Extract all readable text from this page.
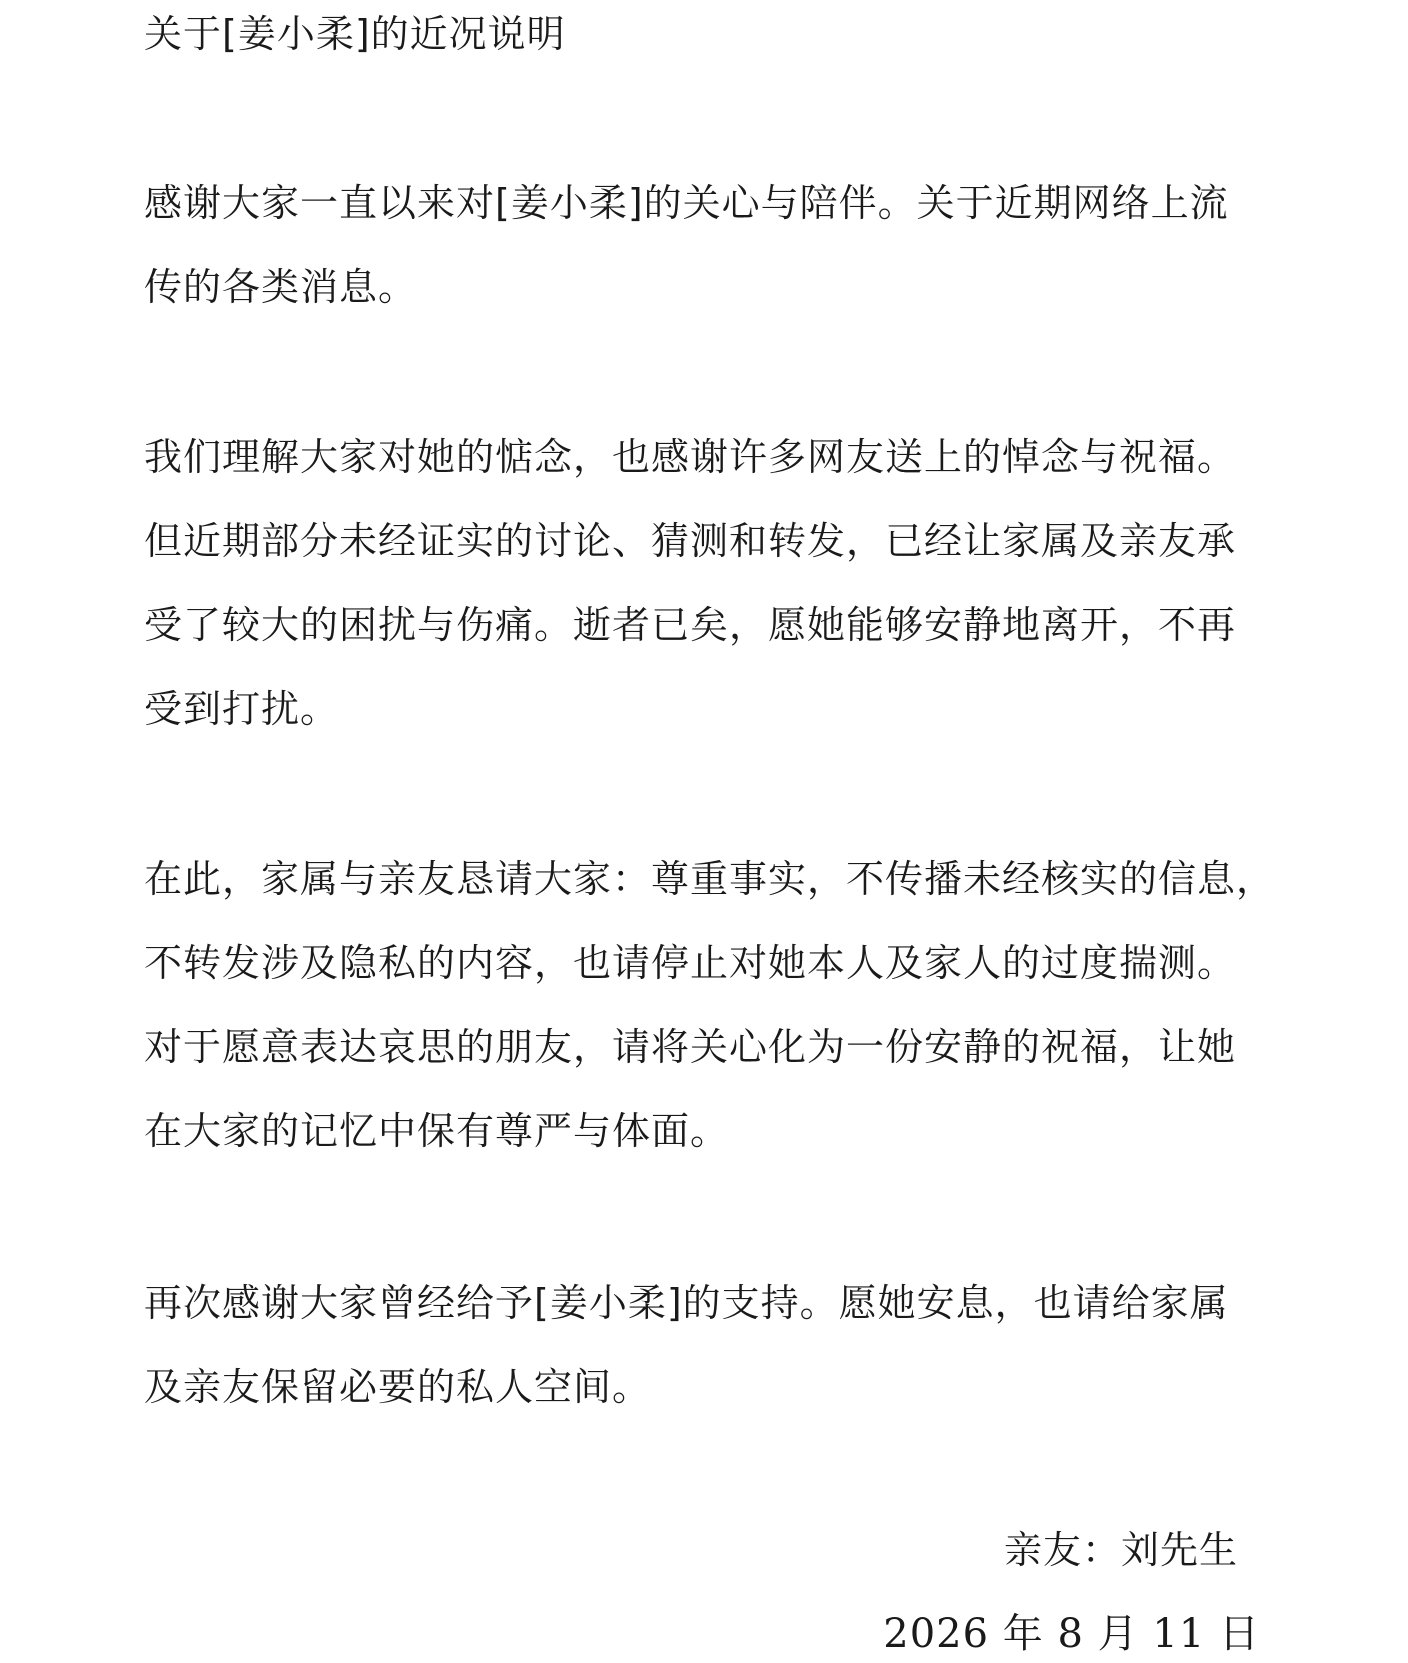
关于[姜小柔]的近况说明

感谢大家一直以来对[姜小柔]的关心与陪伴。关于近期网络上流
传的各类消息。

我们理解大家对她的惦念，也感谢许多网友送上的悼念与祝福。
但近期部分未经证实的讨论、猜测和转发，已经让家属及亲友承
受了较大的困扰与伤痛。逝者已矣，愿她能够安静地离开，不再
受到打扰。

在此，家属与亲友恳请大家：尊重事实，不传播未经核实的信息，
不转发涉及隐私的内容，也请停止对她本人及家人的过度揣测。
对于愿意表达哀思的朋友，请将关心化为一份安静的祝福，让她
在大家的记忆中保有尊严与体面。

再次感谢大家曾经给予[姜小柔]的支持。愿她安息，也请给家属
及亲友保留必要的私人空间。

亲友：刘先生
2026 年 8 月 11 日
